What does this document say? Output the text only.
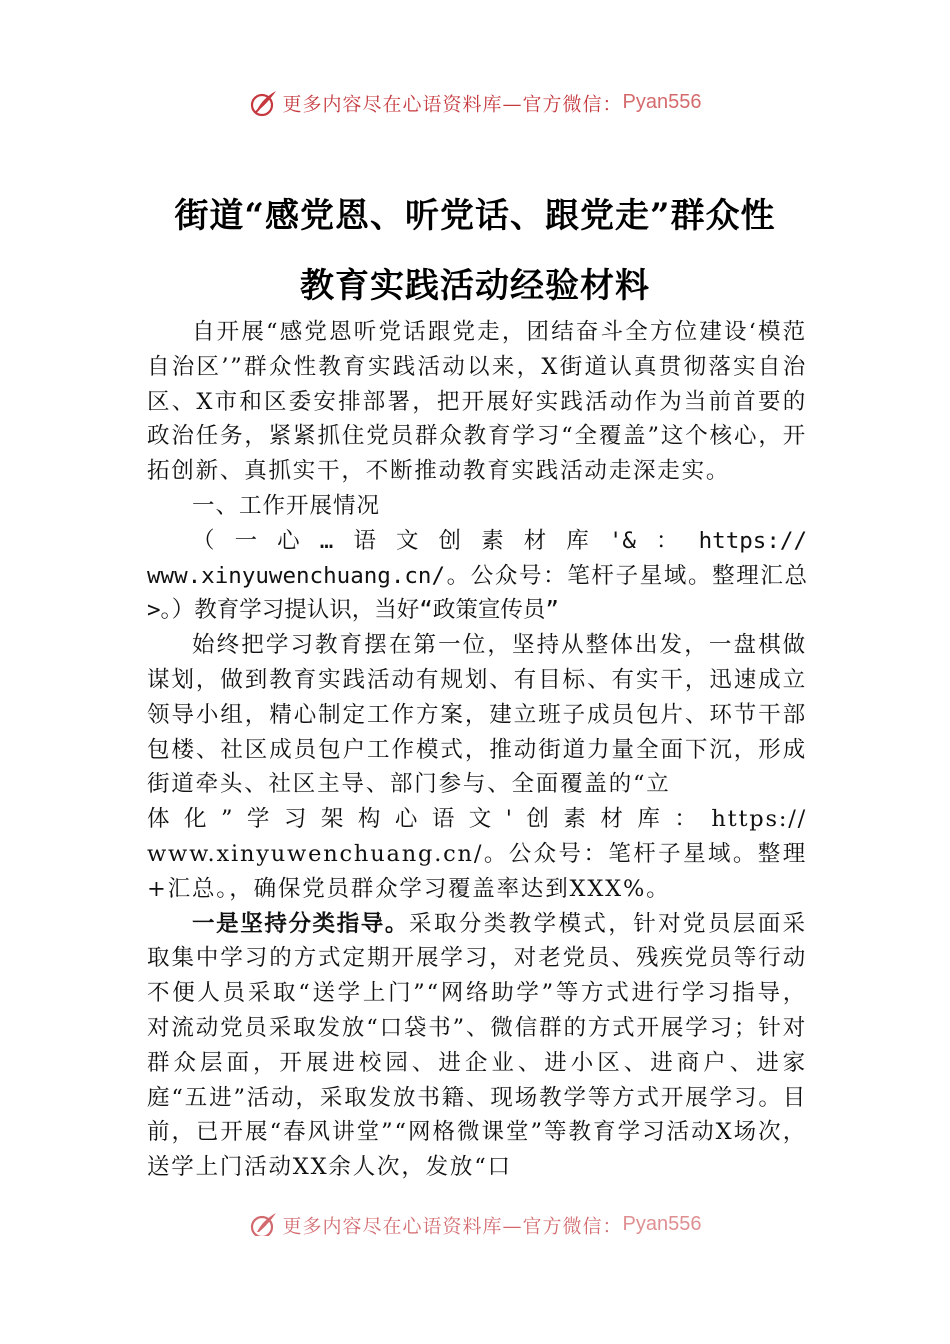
更多内容尽在心语资料库—官方微信：Pyan556
街道“感党恩、听党话、跟党走”群众性
教育实践活动经验材料

自开展“感党恩听党话跟党走，团结奋斗全方位建设‘模范自治区’”群众性教育实践活动以来，X街道认真贯彻落实自治区、X市和区委安排部署，把开展好实践活动作为当前首要的政治任务，紧紧抓住党员群众教育学习“全覆盖”这个核心，开拓创新、真抓实干，不断推动教育实践活动走深走实。

一、工作开展情况

（一心…语文创素材库'&：https://

www.xinyuwenchuang.cn/。公众号：笔杆子星域。整理汇总>。）教育学习提认识，当好“政策宣传员”

始终把学习教育摆在第一位，坚持从整体出发，一盘棋做谋划，做到教育实践活动有规划、有目标、有实干，迅速成立领导小组，精心制定工作方案，建立班子成员包片、环节干部包楼、社区成员包户工作模式，推动街道力量全面下沉，形成街道牵头、社区主导、部门参与、全面覆盖的“立

体化”学习架构心语文'创素材库：https://

www.xinyuwenchuang.cn/。公众号：笔杆子星域。整理+汇总。，确保党员群众学习覆盖率达到XXX%。

一是坚持分类指导。采取分类教学模式，针对党员层面采取集中学习的方式定期开展学习，对老党员、残疾党员等行动不便人员采取“送学上门”“网络助学”等方式进行学习指导，对流动党员采取发放“口袋书”、微信群的方式开展学习；针对群众层面，开展进校园、进企业、进小区、进商户、进家庭“五进”活动，采取发放书籍、现场教学等方式开展学习。目前，已开展“春风讲堂”“网格微课堂”等教育学习活动X场次，送学上门活动XX余人次，发放“口

更多内容尽在心语资料库—官方微信：Pyan556
